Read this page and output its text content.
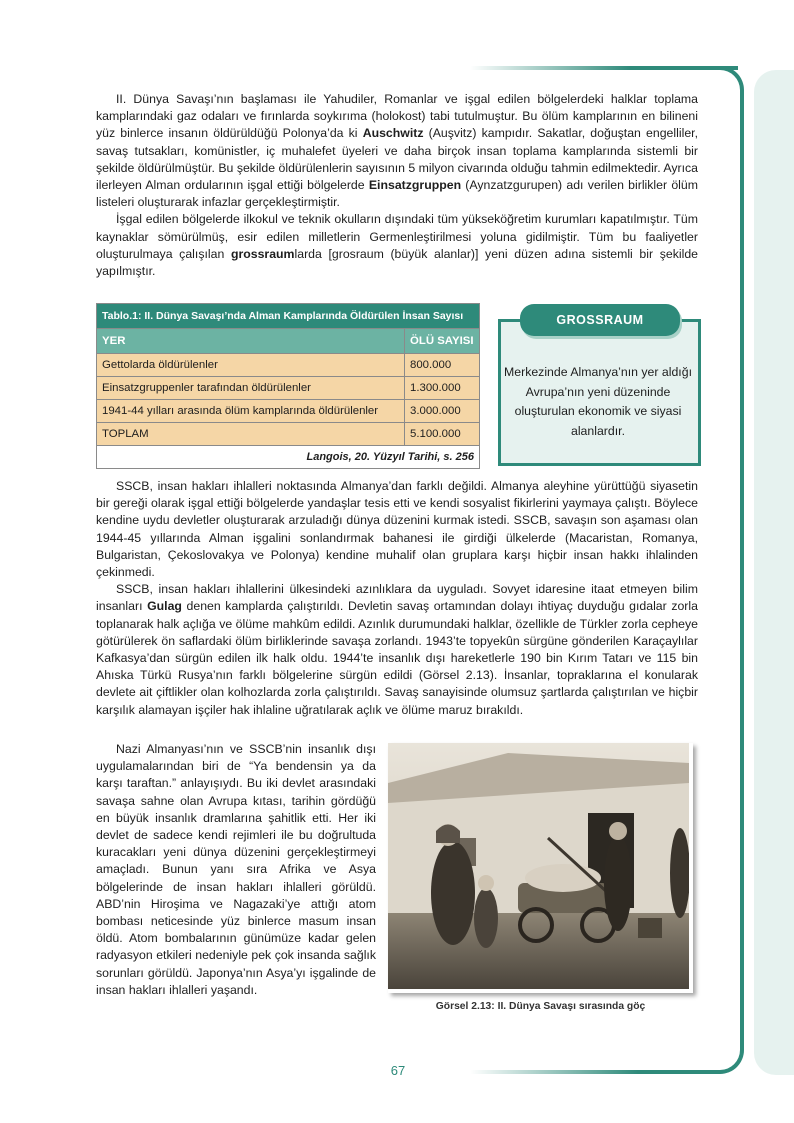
II. Dünya Savaşı’nın başlaması ile Yahudiler, Romanlar ve işgal edilen bölgelerdeki halklar toplama kamplarındaki gaz odaları ve fırınlarda soykırıma (holokost) tabi tutulmuştur. Bu ölüm kamplarının en bilineni yüz binlerce insanın öldürüldüğü Polonya’da ki Auschwitz (Auşvitz) kampıdır. Sakatlar, doğuştan engelliler, savaş tutsakları, komünistler, iç muhalefet üyeleri ve daha birçok insan toplama kamplarında sistemli bir şekilde öldürülmüştür. Bu şekilde öldürülenlerin sayısının 5 milyon civarında olduğu tahmin edilmektedir. Ayrıca ilerleyen Alman ordularının işgal ettiği bölgelerde Einsatzgruppen (Aynzatzgurupen) adı verilen birlikler ölüm listeleri oluşturarak infazlar gerçekleştirmiştir.

İşgal edilen bölgelerde ilkokul ve teknik okulların dışındaki tüm yükseköğretim kurumları kapatılmıştır. Tüm kaynaklar sömürülmüş, esir edilen milletlerin Germenleştirilmesi yoluna gidilmiştir. Tüm bu faaliyetler oluşturulmaya çalışılan grossraumlarda [grosraum (büyük alanlar)] yeni düzen adına sistemli bir şekilde yapılmıştır.

Tablo.1: II. Dünya Savaşı’nda Alman Kamplarında Öldürülen İnsan Sayısı	
YER	ÖLÜ SAYISI
Gettolarda öldürülenler	800.000
Einsatzgruppenler tarafından öldürülenler	1.300.000
1941-44 yılları arasında ölüm kamplarında öldürülenler	3.000.000
TOPLAM	5.100.000
Langois, 20. Yüzyıl Tarihi, s. 256	
GROSSRAUM
Merkezinde Almanya’nın yer aldığı Avrupa’nın yeni düzeninde oluşturulan ekonomik ve siyasi alanlardır.

SSCB, insan hakları ihlalleri noktasında Almanya’dan farklı değildi. Almanya aleyhine yürüttüğü siyasetin bir gereği olarak işgal ettiği bölgelerde yandaşlar tesis etti ve kendi sosyalist fikirlerini yaymaya çalıştı. Böylece kendine uydu devletler oluşturarak arzuladığı dünya düzenini kurmak istedi. SSCB, savaşın son aşaması olan 1944-45 yıllarında Alman işgalini sonlandırmak bahanesi ile girdiği ülkelerde (Macaristan, Romanya, Bulgaristan, Çekoslovakya ve Polonya) kendine muhalif olan gruplara karşı hiçbir insan hakkı ihlalinden çekinmedi.

SSCB, insan hakları ihlallerini ülkesindeki azınlıklara da uyguladı. Sovyet idaresine itaat etmeyen bilim insanları Gulag denen kamplarda çalıştırıldı. Devletin savaş ortamından dolayı ihtiyaç duyduğu gıdalar zorla toplanarak halk açlığa ve ölüme mahkûm edildi. Azınlık durumundaki halklar, özellikle de Türkler zorla cepheye götürülerek ön saflardaki ölüm birliklerinde savaşa zorlandı. 1943’te topyekûn sürgüne gönderilen Karaçaylılar Kafkasya’dan sürgün edilen ilk halk oldu. 1944’te insanlık dışı hareketlerle 190 bin Kırım Tatarı ve 115 bin Ahıska Türkü Rusya’nın farklı bölgelerine sürgün edildi (Görsel 2.13). İnsanlar, topraklarına el konularak devlete ait çiftlikler olan kolhozlarda zorla çalıştırıldı. Savaş sanayisinde olumsuz şartlarda çalıştırılan ve hiçbir karşılık alamayan işçiler hak ihlaline uğratılarak açlık ve ölüme maruz bırakıldı.

Nazi Almanyası’nın ve SSCB’nin insanlık dışı uygulamalarından biri de “Ya bendensin ya da karşı taraftan.” anlayışıydı. Bu iki devlet arasındaki savaşa sahne olan Avrupa kıtası, tarihin gördüğü en büyük insanlık dramlarına şahitlik etti. Her iki devlet de sadece kendi rejimleri ile bu doğrultuda kuracakları yeni dünya düzenini gerçekleştirmeyi amaçladı. Bunun yanı sıra Afrika ve Asya bölgelerinde de insan hakları ihlalleri görüldü. ABD’nin Hiroşima ve Nagazaki’ye attığı atom bombası neticesinde yüz binlerce masum insan öldü. Atom bombalarının günümüze kadar gelen radyasyon etkileri nedeniyle pek çok insanda sağlık sorunları görüldü. Japonya’nın Asya’yı işgalinde de insan hakları ihlalleri yaşandı.

Görsel 2.13: II. Dünya Savaşı sırasında göç
67
